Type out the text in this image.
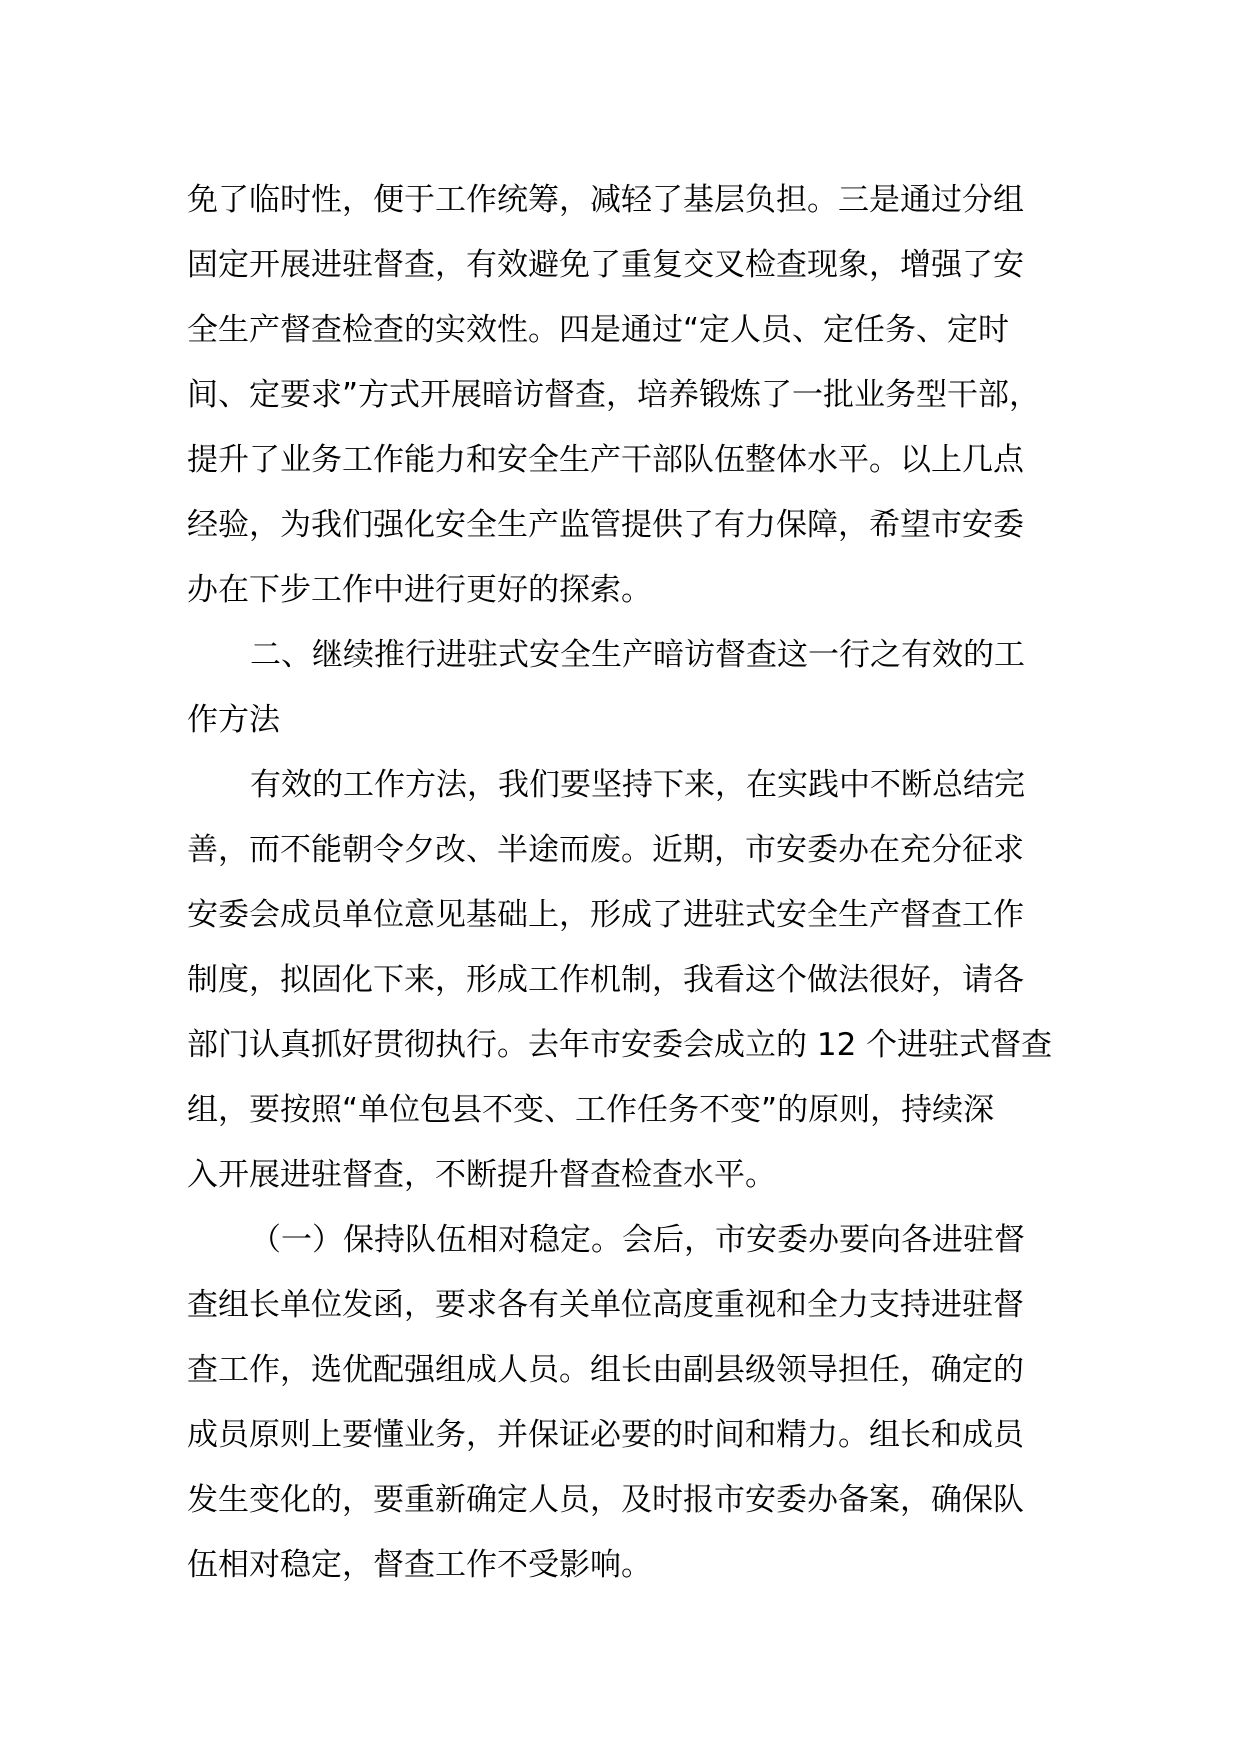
免了临时性，便于工作统筹，减轻了基层负担。三是通过分组
固定开展进驻督查，有效避免了重复交叉检查现象，增强了安
全生产督查检查的实效性。四是通过“定人员、定任务、定时
间、定要求”方式开展暗访督查，培养锻炼了一批业务型干部，
提升了业务工作能力和安全生产干部队伍整体水平。以上几点
经验，为我们强化安全生产监管提供了有力保障，希望市安委
办在下步工作中进行更好的探索。
二、继续推行进驻式安全生产暗访督查这一行之有效的工
作方法
有效的工作方法，我们要坚持下来，在实践中不断总结完
善，而不能朝令夕改、半途而废。近期，市安委办在充分征求
安委会成员单位意见基础上，形成了进驻式安全生产督查工作
制度，拟固化下来，形成工作机制，我看这个做法很好，请各
部门认真抓好贯彻执行。去年市安委会成立的 12 个进驻式督查
组，要按照“单位包县不变、工作任务不变”的原则，持续深
入开展进驻督查，不断提升督查检查水平。
（一）保持队伍相对稳定。会后，市安委办要向各进驻督
查组长单位发函，要求各有关单位高度重视和全力支持进驻督
查工作，选优配强组成人员。组长由副县级领导担任，确定的
成员原则上要懂业务，并保证必要的时间和精力。组长和成员
发生变化的，要重新确定人员，及时报市安委办备案，确保队
伍相对稳定，督查工作不受影响。
